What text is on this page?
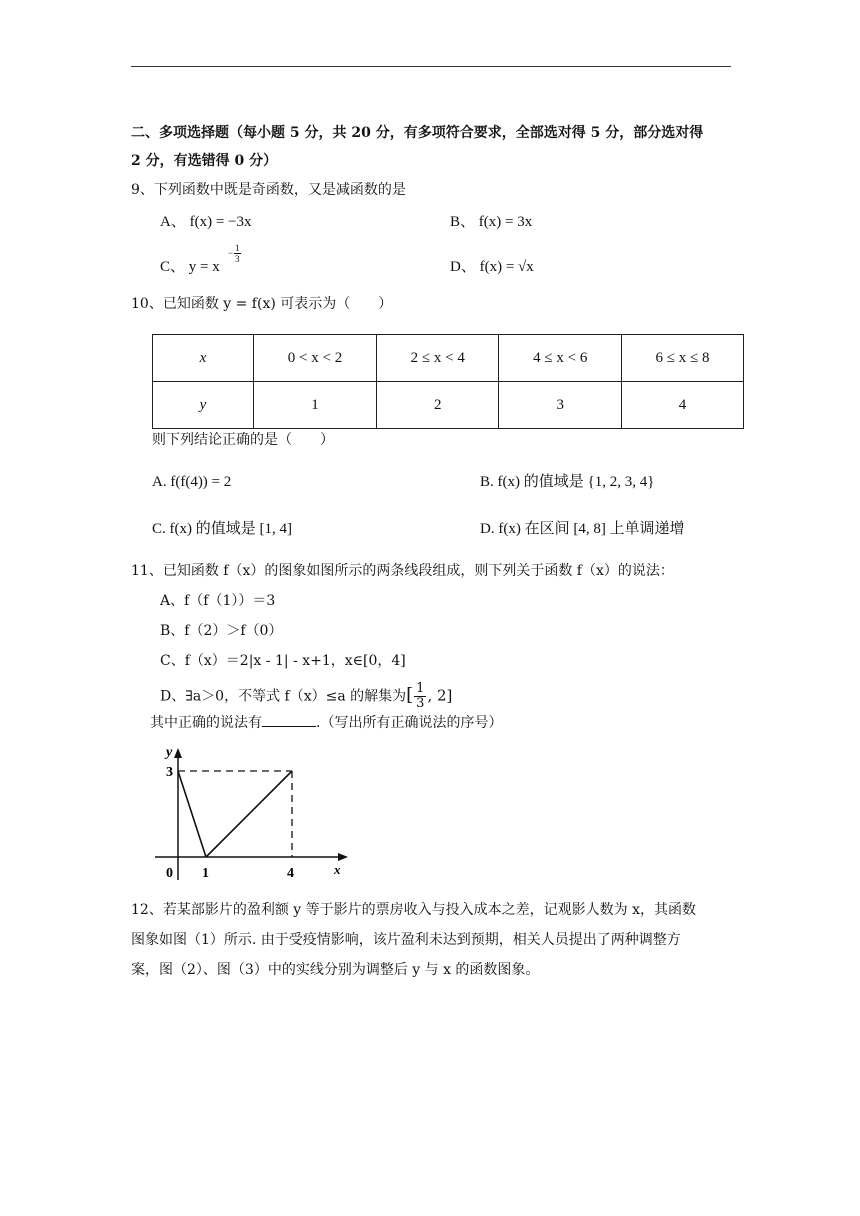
二、多项选择题（每小题 5 分，共 20 分，有多项符合要求，全部选对得 5 分，部分选对得
2 分，有选错得 0 分）
9、下列函数中既是奇函数，又是减函数的是
A、 f(x) = −3x	B、 f(x) = 3x
C、 y = x
− 1
3	D、 f(x) = √x
10、已知函数 y = f(x) 可表示为（　　）
x	0 < x < 2	2 ≤ x < 4	4 ≤ x < 6	6 ≤ x ≤ 8
y	1	2	3	4
则下列结论正确的是（　　）
A. f(f(4)) = 2	B. f(x) 的值域是 {1, 2, 3, 4}
C. f(x) 的值域是 [1, 4]	D. f(x) 在区间 [4, 8] 上单调递增
11、已知函数 f（x）的图象如图所示的两条线段组成，则下列关于函数 f（x）的说法：
A、f（f（1））＝3
B、f（2）＞f（0）
C、f（x）＝2|x - 1| - x+1，x∈[0，4]
D、∃a＞0，不等式 f（x）≤a 的解集为[ $\frac{1}{3}$ , 2]
其中正确的说法有	.（写出所有正确说法的序号）
y
x
3
0 1	4
12、若某部影片的盈利额 y 等于影片的票房收入与投入成本之差，记观影人数为 x，其函数
图象如图（1）所示. 由于受疫情影响，该片盈利未达到预期，相关人员提出了两种调整方
案，图（2）、图（3）中的实线分别为调整后 y 与 x 的函数图象。
